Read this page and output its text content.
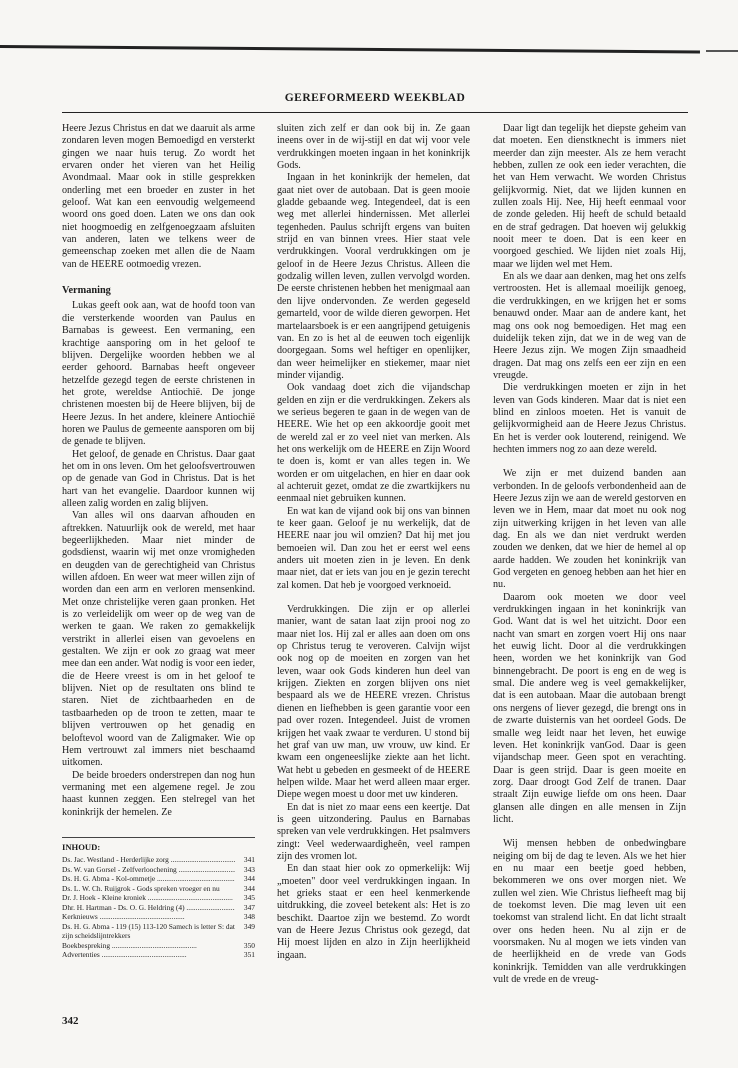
GEREFORMEERD WEEKBLAD

Heere Jezus Christus en dat we daaruit als arme zondaren leven mogen Bemoedigd en versterkt gingen we naar huis terug. Zo wordt het ervaren onder het vieren van het Heilig Avondmaal. Maar ook in stille gesprekken onderling met een broeder en zuster in het geloof. Wat kan een eenvoudig welgemeend woord ons goed doen. Laten we ons dan ook niet hoogmoedig en zelfgenoegzaam afsluiten van anderen, laten we telkens weer de gemeenschap zoeken met allen die de Naam van de HEERE ootmoedig vrezen.

Vermaning

Lukas geeft ook aan, wat de hoofd toon van die versterkende woorden van Paulus en Barnabas is geweest. Een vermaning, een krachtige aansporing om in het geloof te blijven. Dergelijke woorden hebben we al eerder gehoord. Barnabas heeft ongeveer hetzelfde gezegd tegen de eerste christenen in het grote, wereldse Antiochië. De jonge christenen moesten bij de Heere blijven, bij de Heere Jezus. In het andere, kleinere Antiochië horen we Paulus de gemeente aansporen om bij de genade te blijven.

Het geloof, de genade en Christus. Daar gaat het om in ons leven. Om het geloofsvertrouwen op de genade van God in Christus. Dat is het hart van het evangelie. Daardoor kunnen wij alleen zalig worden en zalig blijven.

Van alles wil ons daarvan afhouden en aftrekken. Natuurlijk ook de wereld, met haar begeerlijkheden. Maar niet minder de godsdienst, waarin wij met onze vromigheden en deugden van de gerechtigheid van Christus willen afdoen. En weer wat meer willen zijn of worden dan een arm en verloren mensenkind. Met onze christelijke veren gaan pronken. Het is zo verleidelijk om weer op de weg van de werken te gaan. We raken zo gemakkelijk verstrikt in allerlei eisen van gevoelens en gestalten. We zijn er ook zo graag wat meer mee dan een ander. Wat nodig is voor een ieder, die de Heere vreest is om in het geloof te blijven. Niet op de resultaten ons blind te staren. Niet de zichtbaarheden en de tastbaarheden op de troon te zetten, maar te blijven vertrouwen op het genadig en beloftevol woord van de Zaligmaker. Wie op Hem vertrouwt zal immers niet beschaamd uitkomen.

De beide broeders onderstrepen dan nog hun vermaning met een algemene regel. Je zou haast kunnen zeggen. Een stelregel van het koninkrijk der hemelen. Ze

INHOUD:
Ds. Jac. Westland - Herderlijke zorg .....	341
Ds. W. van Gorsel - Zelfverloochening .....	343
Ds. H. G. Abma - Kol-ommetje .....	344
Ds. L. W. Ch. Ruijgrok - Gods spreken vroeger en nu	344
Dr. J. Hoek - Kleine kroniek .....	345
Dhr. H. Hartman - Ds. O. G. Heldring (4) .....	347
Kerknieuws .....	348
Ds. H. G. Abma - 119 (15) 113-120 Samech is letter S: dat zijn scheidslijntrekkers
349
Boekbespreking .....	350
Advertenties .....	351
342

sluiten zich zelf er dan ook bij in. Ze gaan ineens over in de wij-stijl en dat wij voor vele verdrukkingen moeten ingaan in het koninkrijk Gods.

Ingaan in het koninkrijk der hemelen, dat gaat niet over de autobaan. Dat is geen mooie gladde gebaande weg. Integendeel, dat is een weg met allerlei hindernissen. Met allerlei tegenheden. Paulus schrijft ergens van buiten strijd en van binnen vrees. Hier staat vele verdrukkingen. Vooral verdrukkingen om je geloof in de Heere Jezus Christus. Alleen die godzalig willen leven, zullen vervolgd worden. De eerste christenen hebben het menigmaal aan den lijve ondervonden. Ze werden gegeseld gemarteld, voor de wilde dieren geworpen. Het martelaarsboek is er een aangrijpend getuigenis van. En zo is het al de eeuwen toch eigenlijk doorgegaan. Soms wel heftiger en openlijker, dan weer heimelijker en stiekemer, maar niet minder vijandig.

Ook vandaag doet zich die vijandschap gelden en zijn er die verdrukkingen. Zekers als we serieus begeren te gaan in de wegen van de HEERE. Wie het op een akkoordje gooit met de wereld zal er zo veel niet van merken. Als het ons werkelijk om de HEERE en Zijn Woord te doen is, komt er van alles tegen in. We worden er om uitgelachen, en hier en daar ook al achteruit gezet, omdat ze die zwartkijkers nu eenmaal niet gebruiken kunnen.

En wat kan de vijand ook bij ons van binnen te keer gaan. Geloof je nu werkelijk, dat de HEERE naar jou wil omzien? Dat hij met jou bemoeien wil. Dan zou het er eerst wel eens anders uit moeten zien in je leven. En denk maar niet, dat er iets van jou en je gezin terecht zal komen. Dat heb je voorgoed verknoeid.

Verdrukkingen. Die zijn er op allerlei manier, want de satan laat zijn prooi nog zo maar niet los. Hij zal er alles aan doen om ons op Christus terug te veroveren. Calvijn wijst ook nog op de moeiten en zorgen van het leven, waar ook Gods kinderen hun deel van krijgen. Ziekten en zorgen blijven ons niet bespaard als we de HEERE vrezen. Christus dienen en liefhebben is geen garantie voor een pad over rozen. Integendeel. Juist de vromen krijgen het vaak zwaar te verduren. U stond bij het graf van uw man, uw vrouw, uw kind. Er kwam een ongeneeslijke ziekte aan het licht. Wat hebt u gebeden en gesmeekt of de HEERE helpen wilde. Maar het werd alleen maar erger. Diepe wegen moest u door met uw kinderen.

En dat is niet zo maar eens een keertje. Dat is geen uitzondering. Paulus en Barnabas spreken van vele verdrukkingen. Het psalmvers zingt: Veel wederwaardigheên, veel rampen zijn des vromen lot.

En dan staat hier ook zo opmerkelijk: Wij „moeten" door veel verdrukkingen ingaan. In het grieks staat er een heel kenmerkende uitdrukking, die zoveel betekent als: Het is zo beschikt. Daartoe zijn we bestemd. Zo wordt van de Heere Jezus Christus ook gezegd, dat Hij moest lijden en alzo in Zijn heerlijkheid ingaan.

Daar ligt dan tegelijk het diepste geheim van dat moeten. Een dienstknecht is immers niet meerder dan zijn meester. Als ze hem veracht hebben, zullen ze ook een ieder verachten, die het van Hem verwacht. We worden Christus gelijkvormig. Niet, dat we lijden kunnen en zullen zoals Hij. Nee, Hij heeft eenmaal voor de zonde geleden. Hij heeft de schuld betaald en de straf gedragen. Dat hoeven wij gelukkig nooit meer te doen. Dat is een keer en voorgoed geschied. We lijden niet zoals Hij, maar we lijden wel met Hem.

En als we daar aan denken, mag het ons zelfs vertroosten. Het is allemaal moeilijk genoeg, die verdrukkingen, en we krijgen het er soms benauwd onder. Maar aan de andere kant, het mag ons ook nog bemoedigen. Het mag een duidelijk teken zijn, dat we in de weg van de Heere Jezus zijn. We mogen Zijn smaadheid dragen. Dat mag ons zelfs een eer zijn en een vreugde.

Die verdrukkingen moeten er zijn in het leven van Gods kinderen. Maar dat is niet een blind en zinloos moeten. Het is vanuit de gelijkvormigheid aan de Heere Jezus Christus. En het is verder ook louterend, reinigend. We hechten immers nog zo aan deze wereld.

We zijn er met duizend banden aan verbonden. In de geloofs verbondenheid aan de Heere Jezus zijn we aan de wereld gestorven en leven we in Hem, maar dat moet nu ook nog zijn uitwerking krijgen in het leven van alle dag. En als we dan niet verdrukt werden zouden we denken, dat we hier de hemel al op aarde hadden. We zouden het koninkrijk van God vergeten en genoeg hebben aan het hier en nu.

Daarom ook moeten we door veel verdrukkingen ingaan in het koninkrijk van God. Want dat is wel het uitzicht. Door een nacht van smart en zorgen voert Hij ons naar het euwig licht. Door al die verdrukkingen heen, worden we het koninkrijk van God binnengebracht. De poort is eng en de weg is smal. Die andere weg is veel gemakkelijker, dat is een autobaan. Maar die autobaan brengt ons nergens of liever gezegd, die brengt ons in de zwarte duisternis van het oordeel Gods. De smalle weg leidt naar het leven, het euwige leven. Het koninkrijk vanGod. Daar is geen vijandschap meer. Geen spot en verachting. Daar is geen strijd. Daar is geen moeite en zorg. Daar droogt God Zelf de tranen. Daar straalt Zijn euwige liefde om ons heen. Daar glansen alle dingen en alle mensen in Zijn licht.

Wij mensen hebben de onbedwingbare neiging om bij de dag te leven. Als we het hier en nu maar een beetje goed hebben, bekommeren we ons over morgen niet. We zullen wel zien. Wie Christus liefheeft mag bij de toekomst leven. Die mag leven uit een toekomst van stralend licht. En dat licht straalt over ons heden heen. Nu al zijn er de voorsmaken. Nu al mogen we iets vinden van de heerlijkheid en de vrede van Gods koninkrijk. Temidden van alle verdrukkingen vult de vrede en de vreug-
